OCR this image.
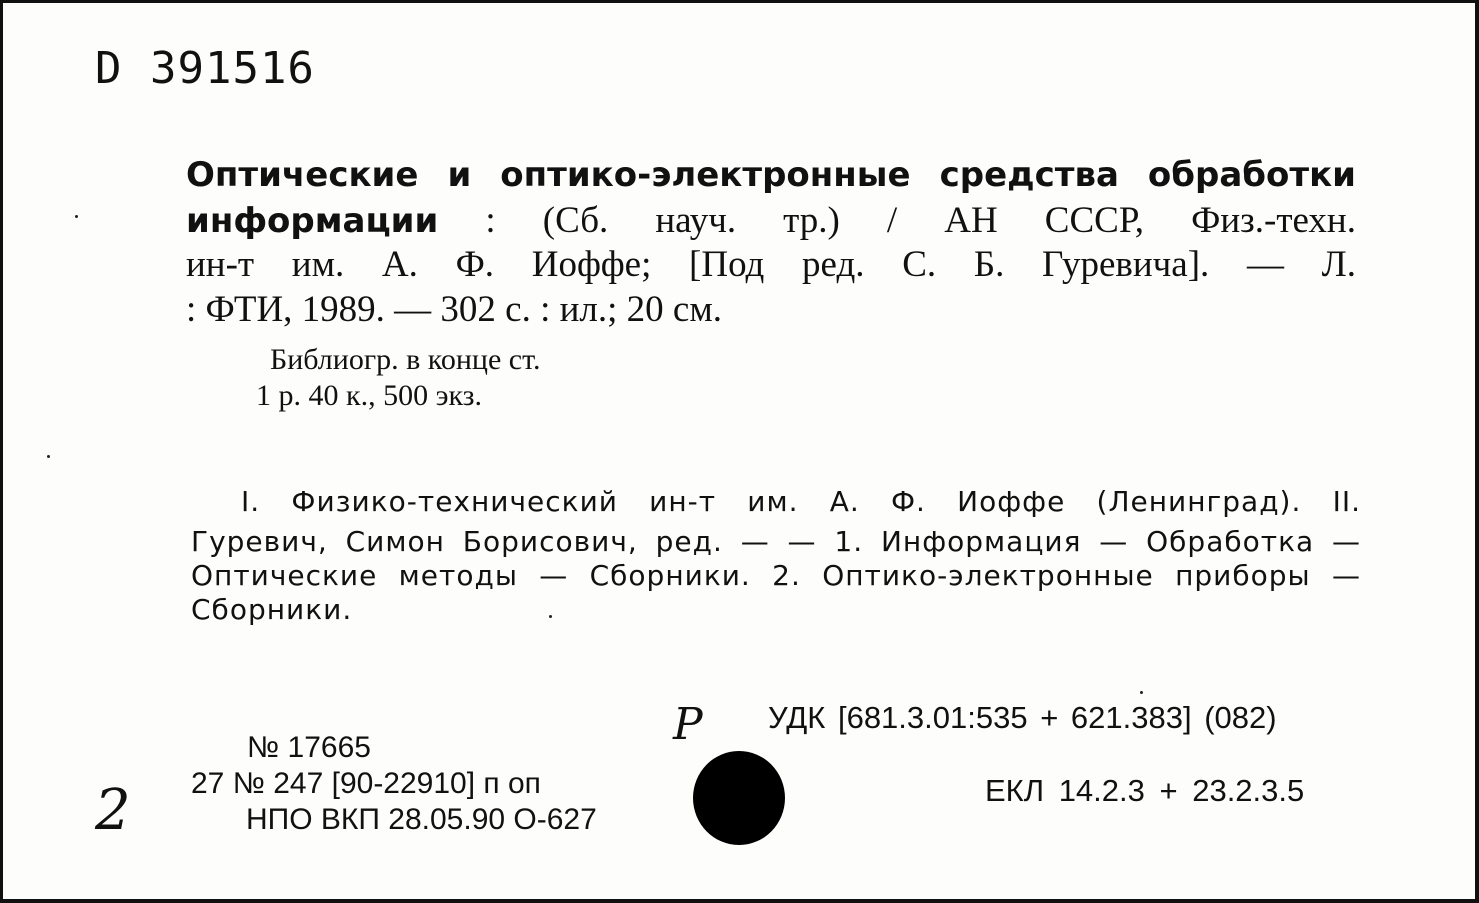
D 391516
Оптические и оптико-электронные средства обработки
информации : (Сб. науч. тр.) / АН СССР, Физ.-техн.
ин-т им. А. Ф. Иоффе; [Под ред. С. Б. Гуревича]. — Л.
: ФТИ, 1989. — 302 с. : ил.; 20 см.
Библиогр. в конце ст.
1 р. 40 к., 500 экз.
I. Физико-технический ин-т им. А. Ф. Иоффе (Ленинград). II.
Гуревич, Симон Борисович, ред. — — 1. Информация — Обработка —
Оптические методы — Сборники. 2. Оптико-электронные приборы —
Сборники.
УДК [681.3.01:535 + 621.383] (082)
ЕКЛ 14.2.3 + 23.2.3.5
№ 17665
27 № 247 [90-22910] п оп
НПО ВКП 28.05.90 О-627
Р
2
